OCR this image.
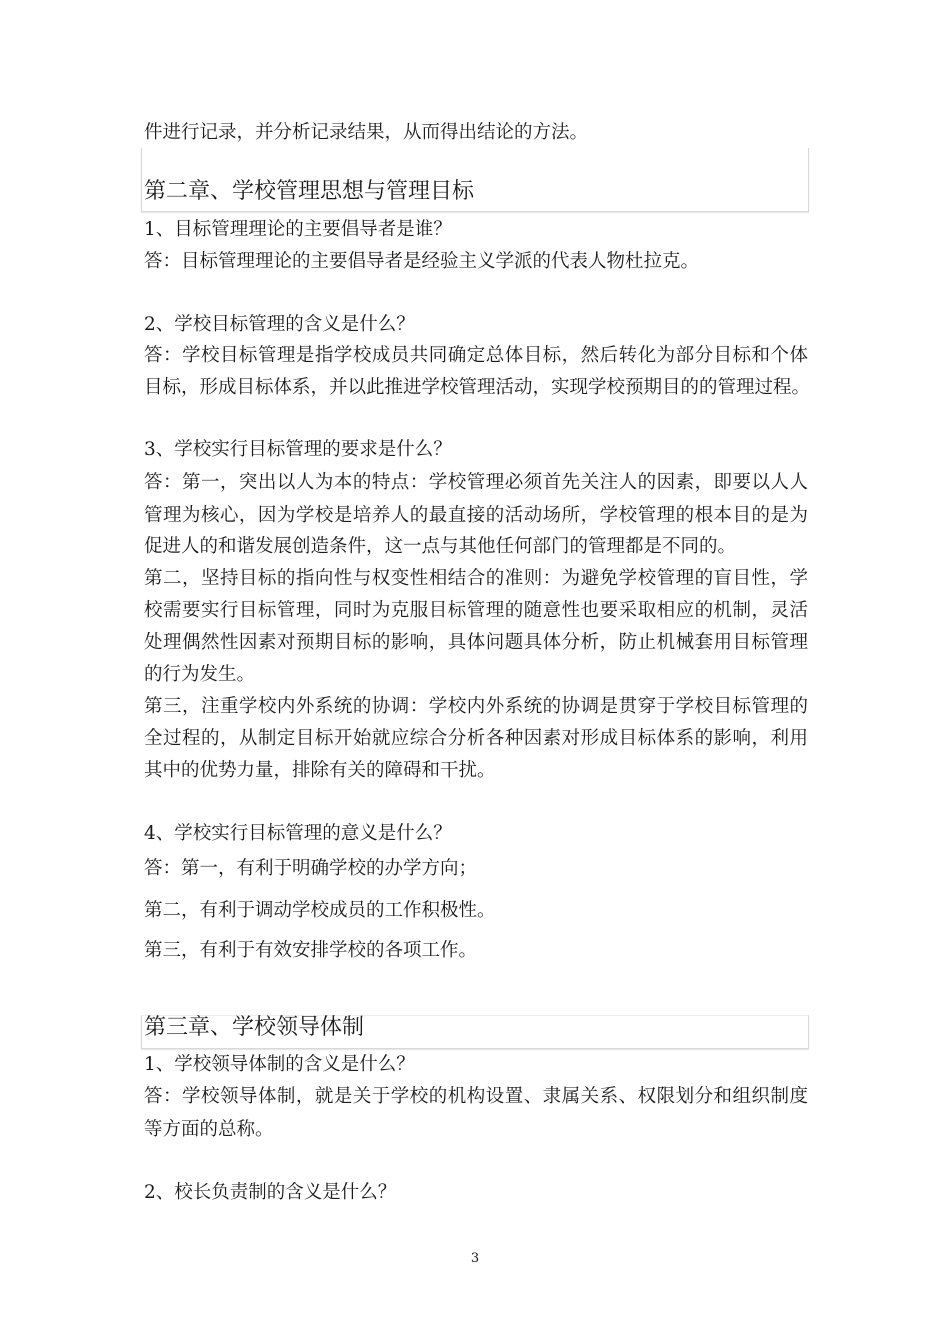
件进行记录，并分析记录结果，从而得出结论的方法。
第二章、学校管理思想与管理目标
1、目标管理理论的主要倡导者是谁？
答：目标管理理论的主要倡导者是经验主义学派的代表人物杜拉克。
2、学校目标管理的含义是什么？
答：学校目标管理是指学校成员共同确定总体目标，然后转化为部分目标和个体
目标，形成目标体系，并以此推进学校管理活动，实现学校预期目的的管理过程。
3、学校实行目标管理的要求是什么？
答：第一，突出以人为本的特点：学校管理必须首先关注人的因素，即要以人人
管理为核心，因为学校是培养人的最直接的活动场所，学校管理的根本目的是为
促进人的和谐发展创造条件，这一点与其他任何部门的管理都是不同的。
第二，坚持目标的指向性与权变性相结合的准则：为避免学校管理的盲目性，学
校需要实行目标管理，同时为克服目标管理的随意性也要采取相应的机制，灵活
处理偶然性因素对预期目标的影响，具体问题具体分析，防止机械套用目标管理
的行为发生。
第三，注重学校内外系统的协调：学校内外系统的协调是贯穿于学校目标管理的
全过程的，从制定目标开始就应综合分析各种因素对形成目标体系的影响，利用
其中的优势力量，排除有关的障碍和干扰。
4、学校实行目标管理的意义是什么？
答：第一，有利于明确学校的办学方向；
第二，有利于调动学校成员的工作积极性。
第三，有利于有效安排学校的各项工作。
第三章、学校领导体制
1、学校领导体制的含义是什么？
答：学校领导体制，就是关于学校的机构设置、隶属关系、权限划分和组织制度
等方面的总称。
2、校长负责制的含义是什么？
3
